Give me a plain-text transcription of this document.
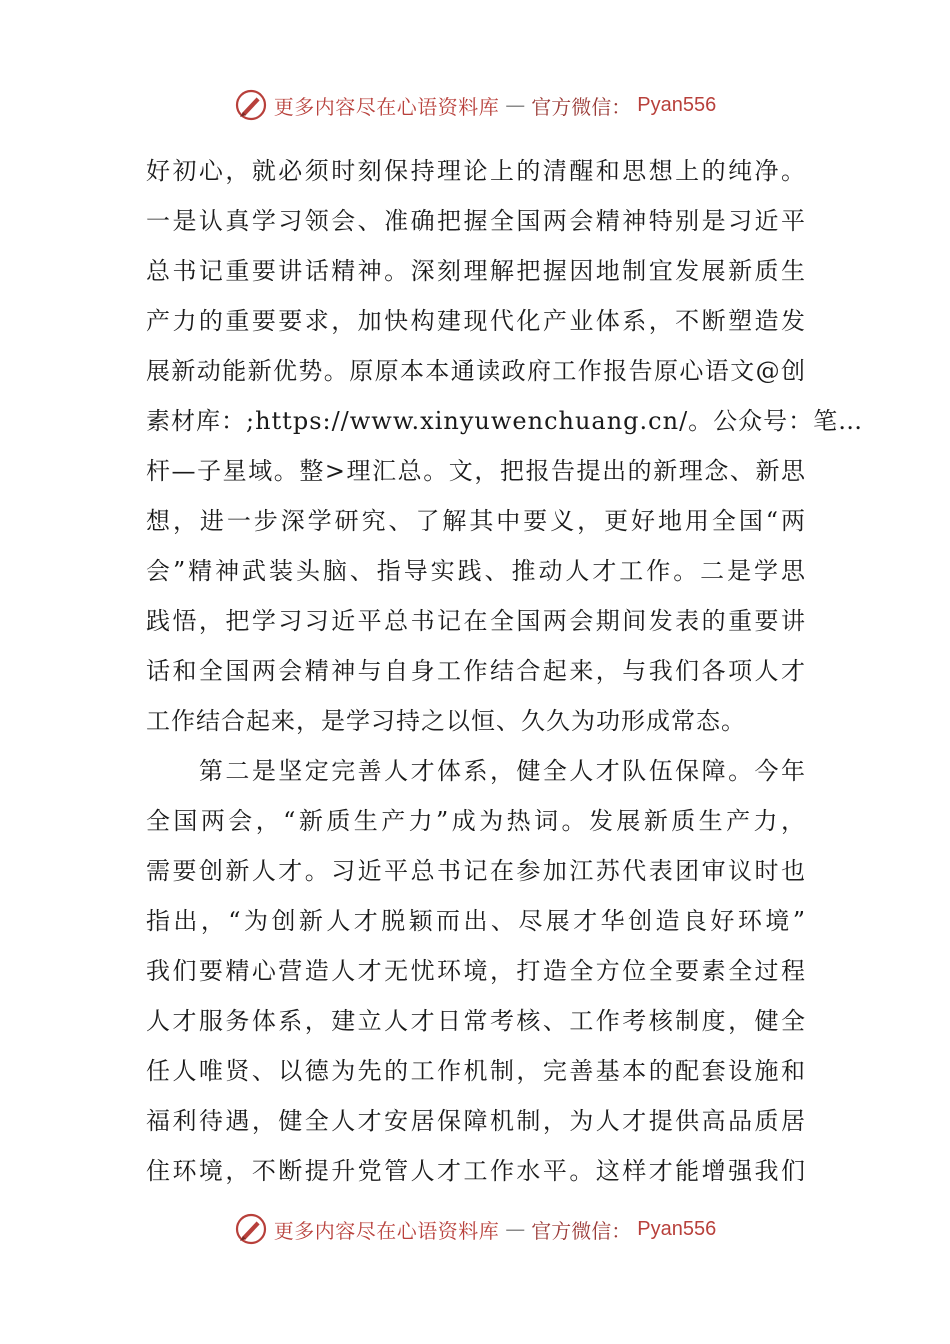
更多内容尽在心语资料库 — 官方微信： Pyan556
好初心，就必须时刻保持理论上的清醒和思想上的纯净。
一是认真学习领会、准确把握全国两会精神特别是习近平
总书记重要讲话精神。深刻理解把握因地制宜发展新质生
产力的重要要求，加快构建现代化产业体系，不断塑造发
展新动能新优势。原原本本通读政府工作报告原心语文@创
素材库：;https://www.xinyuwenchuang.cn/。公众号：笔…
杆—子星域。整>理汇总。文，把报告提出的新理念、新思
想，进一步深学研究、了解其中要义，更好地用全国“两
会”精神武装头脑、指导实践、推动人才工作。二是学思
践悟，把学习习近平总书记在全国两会期间发表的重要讲
话和全国两会精神与自身工作结合起来，与我们各项人才
工作结合起来，是学习持之以恒、久久为功形成常态。
　　第二是坚定完善人才体系，健全人才队伍保障。今年
全国两会，“新质生产力”成为热词。发展新质生产力，
需要创新人才。习近平总书记在参加江苏代表团审议时也
指出，“为创新人才脱颖而出、尽展才华创造良好环境”
我们要精心营造人才无忧环境，打造全方位全要素全过程
人才服务体系，建立人才日常考核、工作考核制度，健全
任人唯贤、以德为先的工作机制，完善基本的配套设施和
福利待遇，健全人才安居保障机制，为人才提供高品质居
住环境，不断提升党管人才工作水平。这样才能增强我们
更多内容尽在心语资料库 — 官方微信： Pyan556
